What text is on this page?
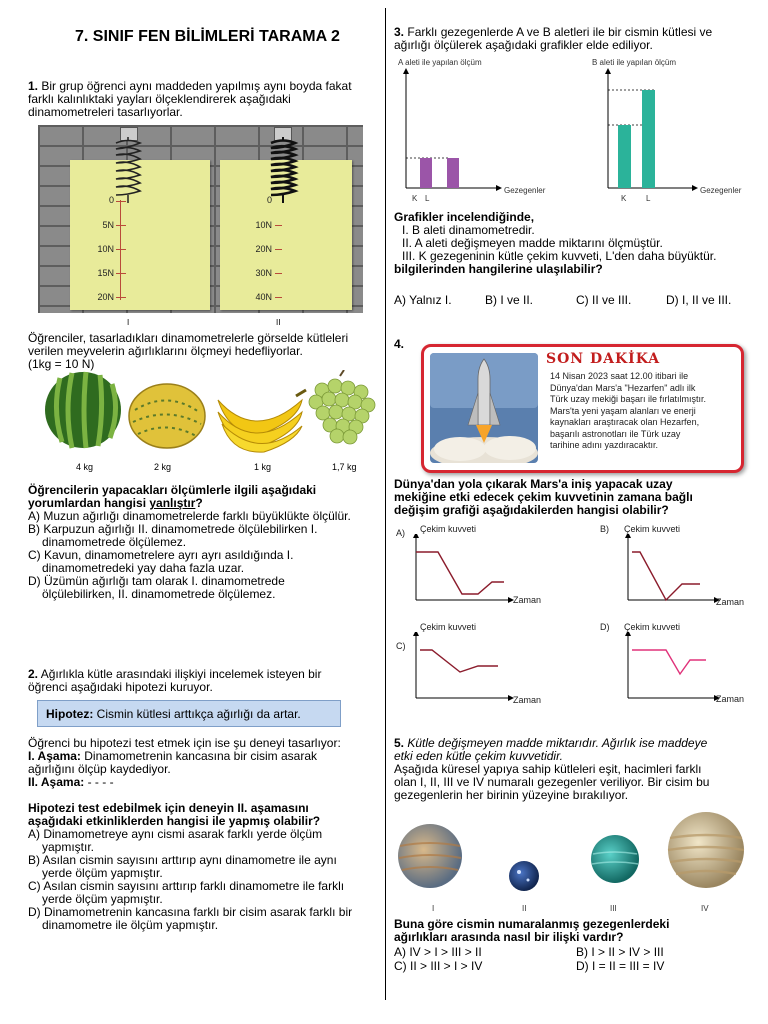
7. SINIF FEN BİLİMLERİ TARAMA 2
1. Bir grup öğrenci aynı maddeden yapılmış aynı boyda fakat
farklı kalınlıktaki yayları ölçeklendirerek aşağıdaki
dinamometreleri tasarlıyorlar.
0
5N
10N
15N
20N
0
10N
20N
30N
40N
I	II
Öğrenciler, tasarladıkları dinamometrelerle görselde kütleleri
verilen meyvelerin ağırlıklarını ölçmeyi hedefliyorlar.
(1kg = 10 N)
4 kg	2 kg	1 kg	1,7 kg
Öğrencilerin yapacakları ölçümlerle ilgili aşağıdaki
yorumlardan hangisi yanlıştır?
A) Muzun ağırlığı dinamometrelerde farklı büyüklükte ölçülür.
B) Karpuzun ağırlığı II. dinamometrede ölçülebilirken I.
dinamometrede ölçülemez.
C) Kavun, dinamometrelere ayrı ayrı asıldığında I.
dinamometredeki yay daha fazla uzar.
D) Üzümün ağırlığı tam olarak I. dinamometrede
ölçülebilirken, II. dinamometrede ölçülemez.
2. Ağırlıkla kütle arasındaki ilişkiyi incelemek isteyen bir
öğrenci aşağıdaki hipotezi kuruyor.
Hipotez: Cismin kütlesi arttıkça ağırlığı da artar.
Öğrenci bu hipotezi test etmek için ise şu deneyi tasarlıyor:
I. Aşama: Dinamometrenin kancasına bir cisim asarak
ağırlığını ölçüp kaydediyor.
II. Aşama: - - - -
Hipotezi test edebilmek için deneyin II. aşamasını
aşağıdaki etkinliklerden hangisi ile yapmış olabilir?
A) Dinamometreye aynı cismi asarak farklı yerde ölçüm
yapmıştır.
B) Asılan cismin sayısını arttırıp aynı dinamometre ile aynı
yerde ölçüm yapmıştır.
C) Asılan cismin sayısını arttırıp farklı dinamometre ile farklı
yerde ölçüm yapmıştır.
D) Dinamometrenin kancasına farklı bir cisim asarak farklı bir
dinamometre ile ölçüm yapmıştır.
3. Farklı gezegenlerde A ve B aletleri ile bir cismin kütlesi ve
ağırlığı ölçülerek aşağıdaki grafikler elde ediliyor.
A aleti ile yapılan ölçüm	B aleti ile yapılan ölçüm
K L
Gezegenler
K L
Gezegenler
Grafikler incelendiğinde,
I. B aleti dinamometredir.
II. A aleti değişmeyen madde miktarını ölçmüştür.
III. K gezegeninin kütle çekim kuvveti, L'den daha büyüktür.
bilgilerinden hangilerine ulaşılabilir?
A) Yalnız I.	B) I ve II.	C) II ve III.	D) I, II ve III.
4.
SON DAKİKA
14 Nisan 2023 saat 12.00 itibari ile
Dünya'dan Mars'a "Hezarfen" adlı ilk
Türk uzay mekiği başarı ile fırlatılmıştır.
Mars'ta yeni yaşam alanları ve enerji
kaynakları araştıracak olan Hezarfen,
başarılı astronotları ile Türk uzay
tarihine adını yazdıracaktır.
Dünya'dan yola çıkarak Mars'a iniş yapacak uzay
mekiğine etki edecek çekim kuvvetinin zamana bağlı
değişim grafiği aşağıdakilerden hangisi olabilir?
A) Çekim kuvveti
Zaman
B) Çekim kuvveti
Zaman
C)
Çekim kuvveti
Zaman
D) Çekim kuvveti
Zaman
5. Kütle değişmeyen madde miktarıdır. Ağırlık ise maddeye
etki eden kütle çekim kuvvetidir.
Aşağıda küresel yapıya sahip kütleleri eşit, hacimleri farklı
olan I, II, III ve IV numaralı gezegenler veriliyor. Bir cisim bu
gezegenlerin her birinin yüzeyine bırakılıyor.
I	II	III	IV
Buna göre cismin numaralanmış gezegenlerdeki
ağırlıkları arasında nasıl bir ilişki vardır?
A) IV > I > III > II	B) I > II > IV > III
C) II > III > I > IV	D) I = II = III = IV
